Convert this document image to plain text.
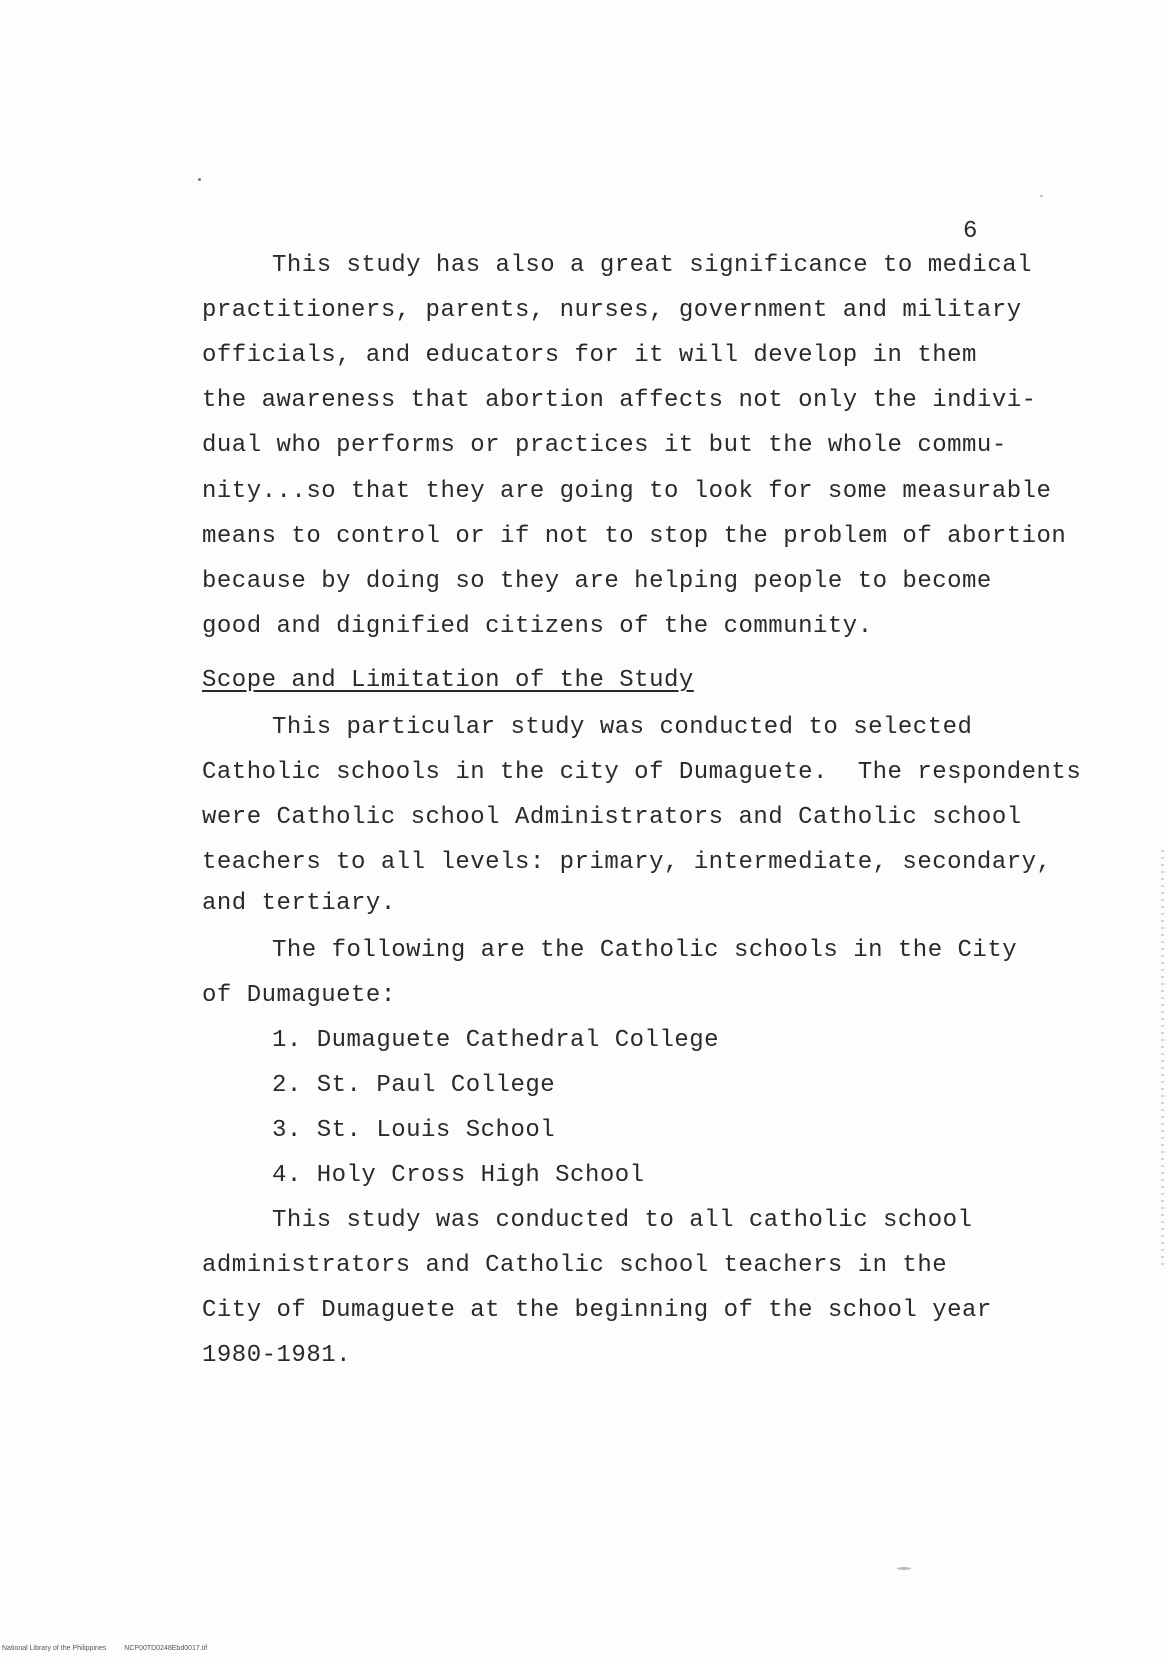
6
This study has also a great significance to medical
practitioners, parents, nurses, government and military
officials, and educators for it will develop in them
the awareness that abortion affects not only the indivi-
dual who performs or practices it but the whole commu-
nity...so that they are going to look for some measurable
means to control or if not to stop the problem of abortion
because by doing so they are helping people to become
good and dignified citizens of the community.
Scope and Limitation of the Study
This particular study was conducted to selected
Catholic schools in the city of Dumaguete.  The respondents
were Catholic school Administrators and Catholic school
teachers to all levels: primary, intermediate, secondary,
and tertiary.
The following are the Catholic schools in the City
of Dumaguete:
1. Dumaguete Cathedral College
2. St. Paul College
3. St. Louis School
4. Holy Cross High School
This study was conducted to all catholic school
administrators and Catholic school teachers in the
City of Dumaguete at the beginning of the school year
1980-1981.
National Library of the Philippines	NCP00TD0248Ebd0017.tif
